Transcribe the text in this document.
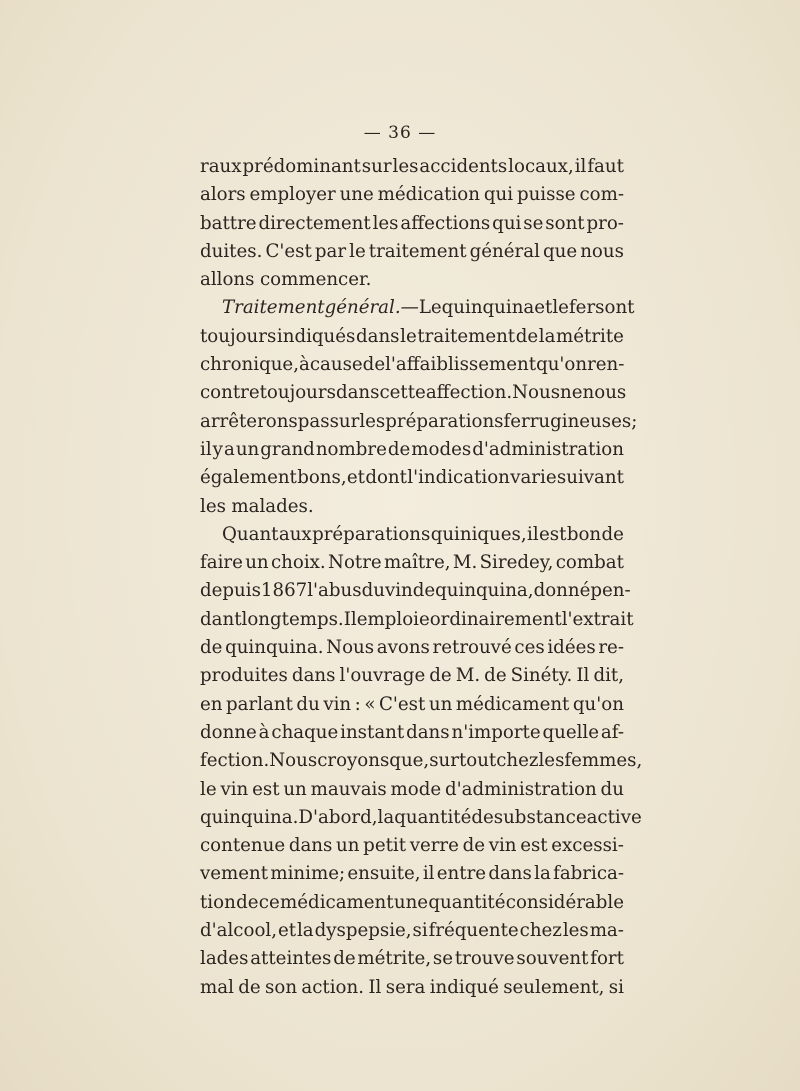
— 36 —
raux prédominant sur les accidents locaux, il faut
alors employer une médication qui puisse com-
battre directement les affections qui se sont pro-
duites. C'est par le traitement général que nous
allons commencer.
Traitement général. — Le quinquina et le fer sont
toujours indiqués dans le traitement de la métrite
chronique, à cause de l'affaiblissement qu'on ren-
contre toujours dans cette affection. Nous ne nous
arrêterons pas sur les préparations ferrugineuses;
il y a un grand nombre de modes d'administration
également bons, et dont l'indication varie suivant
les malades.
Quant aux préparations quiniques, il est bon de
faire un choix. Notre maître, M. Siredey, combat
depuis 1867 l'abus du vin de quinquina, donné pen-
dant longtemps. Il emploie ordinairement l'extrait
de quinquina. Nous avons retrouvé ces idées re-
produites dans l'ouvrage de M. de Sinéty. Il dit,
en parlant du vin : « C'est un médicament qu'on
donne à chaque instant dans n'importe quelle af-
fection. Nous croyons que, surtout chez les femmes,
le vin est un mauvais mode d'administration du
quinquina. D'abord, la quantité de substance active
contenue dans un petit verre de vin est excessi-
vement minime; ensuite, il entre dans la fabrica-
tion de ce médicament une quantité considérable
d'alcool, et la dyspepsie, si fréquente chez les ma-
lades atteintes de métrite, se trouve souvent fort
mal de son action. Il sera indiqué seulement, si
